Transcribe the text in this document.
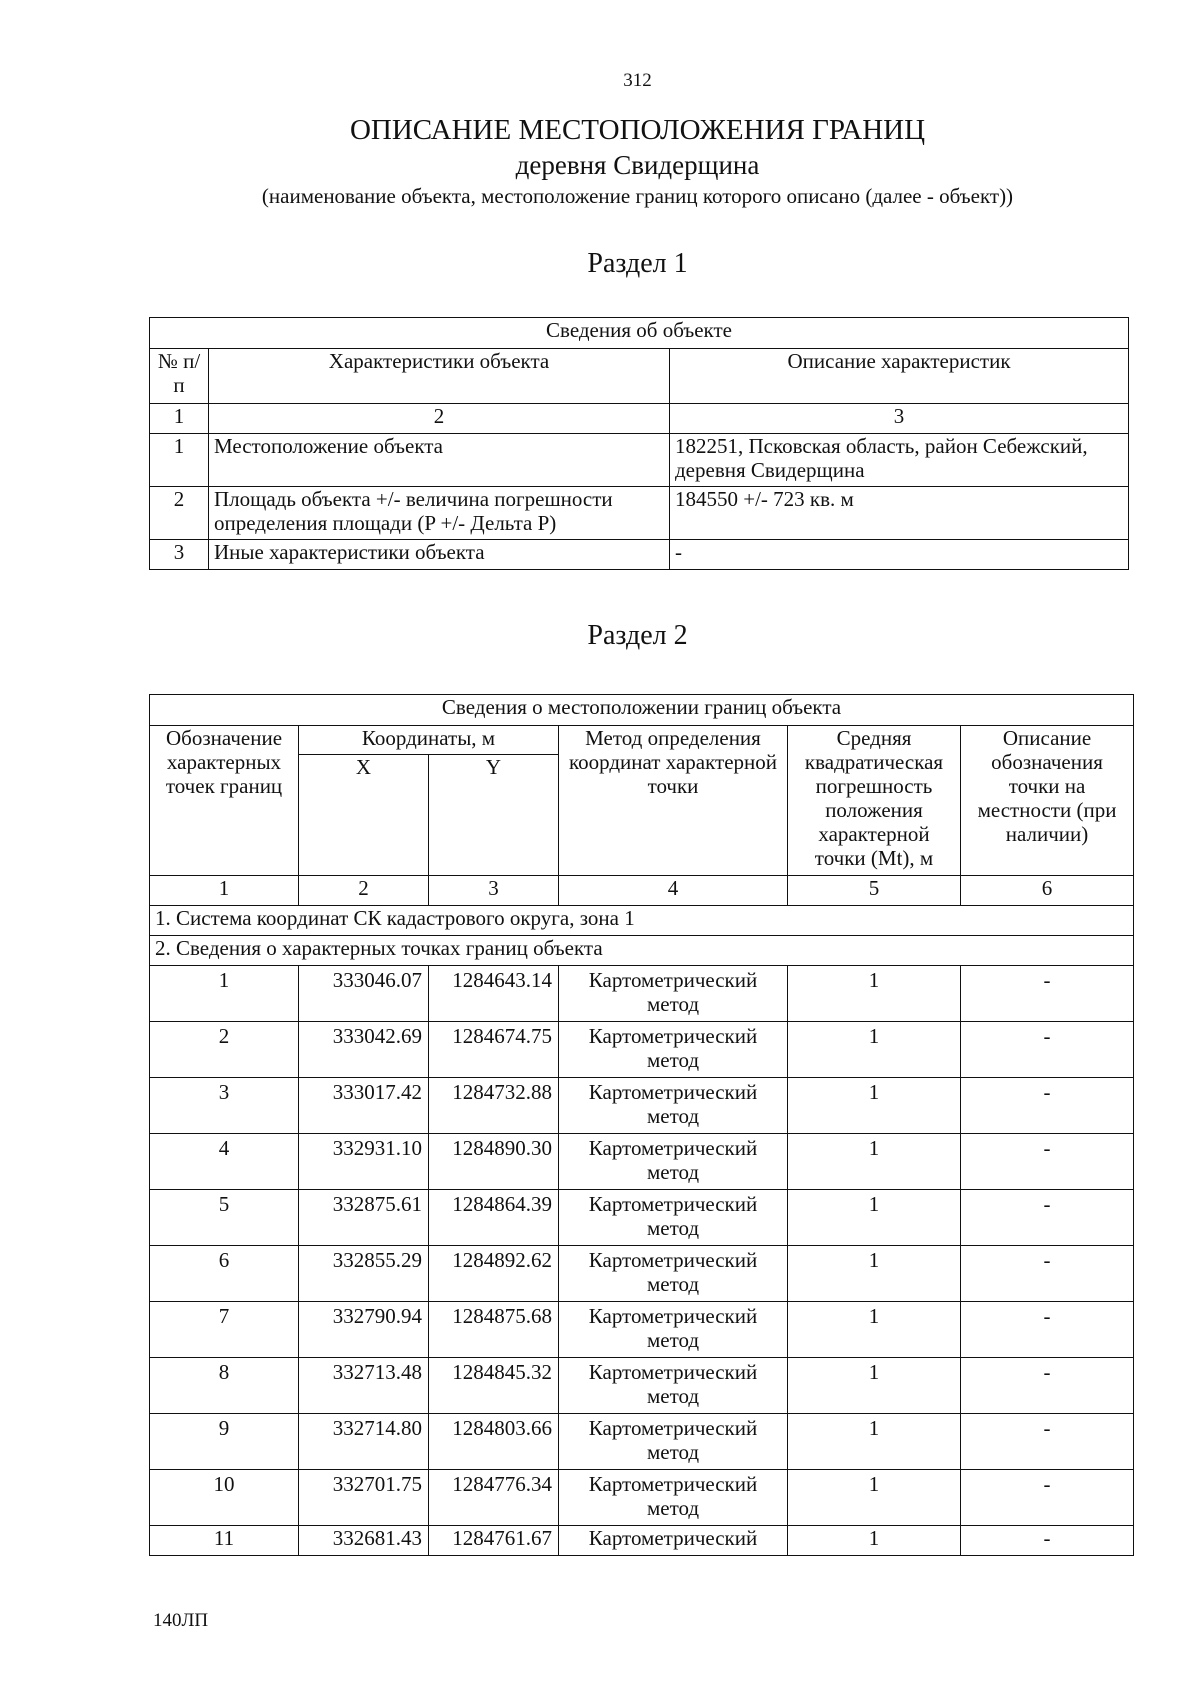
312
ОПИСАНИЕ МЕСТОПОЛОЖЕНИЯ ГРАНИЦ
деревня Свидерщина
(наименование объекта, местоположение границ которого описано (далее - объект))
Раздел 1
Сведения об объекте		
№ п/п	Характеристики объекта	Описание характеристик
1	2	3
1	Местоположение объекта	182251, Псковская область, район Себежский, деревня Свидерщина
2	Площадь объекта +/- величина погрешности определения площади (P +/- Дельта P)	184550 +/- 723 кв. м
3	Иные характеристики объекта	-
Раздел 2
Сведения о местоположении границ объекта					
Обозначение характерных точек границ	Координаты, м		Метод определения координат характерной точки	Средняя квадратическая погрешность положения характерной точки (Mt), м	Описание обозначения точки на местности (при наличии)
	X	Y			
1	2	3	4	5	6
1. Система координат СК кадастрового округа, зона 1					
2. Сведения о характерных точках границ объекта					
1	333046.07	1284643.14	Картометрический метод	1	-
2	333042.69	1284674.75	Картометрический метод	1	-
3	333017.42	1284732.88	Картометрический метод	1	-
4	332931.10	1284890.30	Картометрический метод	1	-
5	332875.61	1284864.39	Картометрический метод	1	-
6	332855.29	1284892.62	Картометрический метод	1	-
7	332790.94	1284875.68	Картометрический метод	1	-
8	332713.48	1284845.32	Картометрический метод	1	-
9	332714.80	1284803.66	Картометрический метод	1	-
10	332701.75	1284776.34	Картометрический метод	1	-
11	332681.43	1284761.67	Картометрический	1	-
140ЛП
